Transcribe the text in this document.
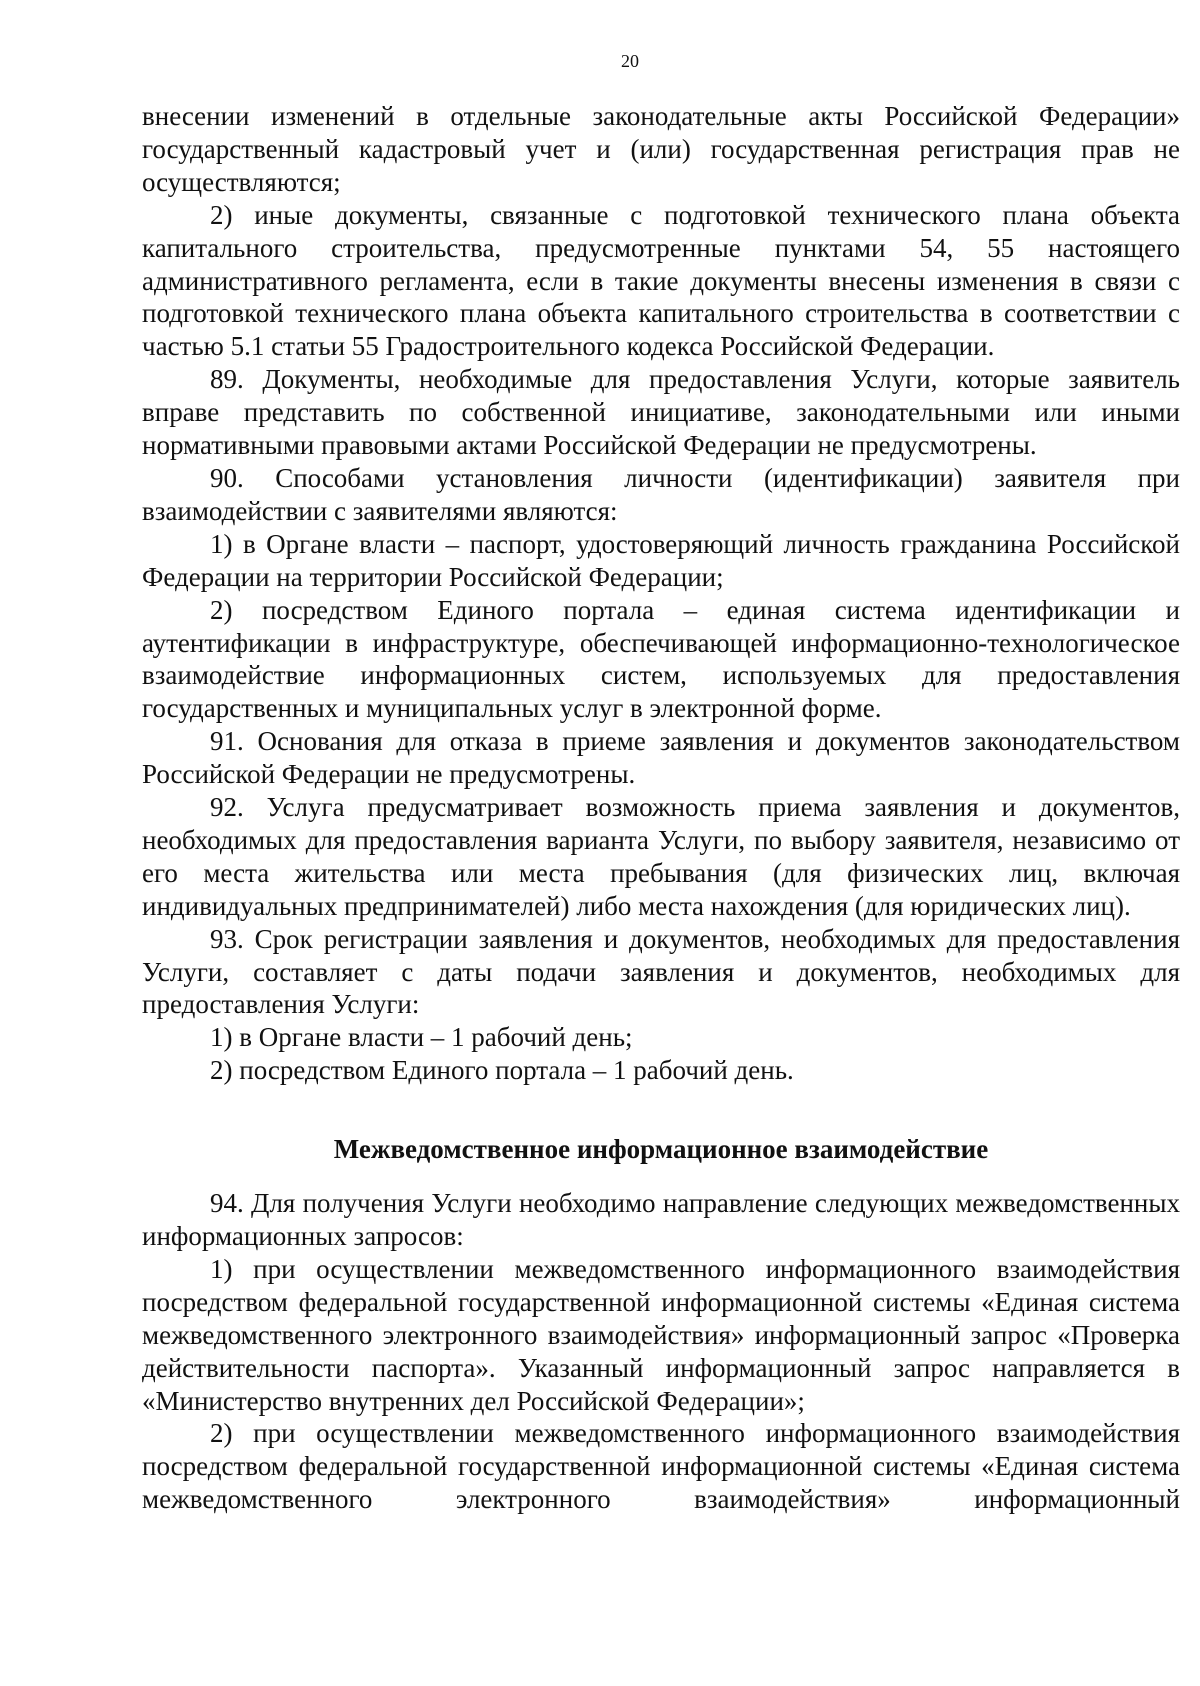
20

внесении изменений в отдельные законодательные акты Российской Федерации» государственный кадастровый учет и (или) государственная регистрация прав не осуществляются;

2) иные документы, связанные с подготовкой технического плана объекта капитального строительства, предусмотренные пунктами 54, 55 настоящего административного регламента, если в такие документы внесены изменения в связи с подготовкой технического плана объекта капитального строительства в соответствии с частью 5.1 статьи 55 Градостроительного кодекса Российской Федерации.

89. Документы, необходимые для предоставления Услуги, которые заявитель вправе представить по собственной инициативе, законодательными или иными нормативными правовыми актами Российской Федерации не предусмотрены.

90. Способами установления личности (идентификации) заявителя при взаимодействии с заявителями являются:

1) в Органе власти – паспорт, удостоверяющий личность гражданина Российской Федерации на территории Российской Федерации;

2) посредством Единого портала – единая система идентификации и аутентификации в инфраструктуре, обеспечивающей информационно-технологическое взаимодействие информационных систем, используемых для предоставления государственных и муниципальных услуг в электронной форме.

91. Основания для отказа в приеме заявления и документов законодательством Российской Федерации не предусмотрены.

92. Услуга предусматривает возможность приема заявления и документов, необходимых для предоставления варианта Услуги, по выбору заявителя, независимо от его места жительства или места пребывания (для физических лиц, включая индивидуальных предпринимателей) либо места нахождения (для юридических лиц).

93. Срок регистрации заявления и документов, необходимых для предоставления Услуги, составляет с даты подачи заявления и документов, необходимых для предоставления Услуги:

1) в Органе власти – 1 рабочий день;

2) посредством Единого портала – 1 рабочий день.

Межведомственное информационное взаимодействие

94. Для получения Услуги необходимо направление следующих межведомственных информационных запросов:

1) при осуществлении межведомственного информационного взаимодействия посредством федеральной государственной информационной системы «Единая система межведомственного электронного взаимодействия» информационный запрос «Проверка действительности паспорта». Указанный информационный запрос направляется в «Министерство внутренних дел Российской Федерации»;

2) при осуществлении межведомственного информационного взаимодействия посредством федеральной государственной информационной системы «Единая система межведомственного электронного взаимодействия» информационный
